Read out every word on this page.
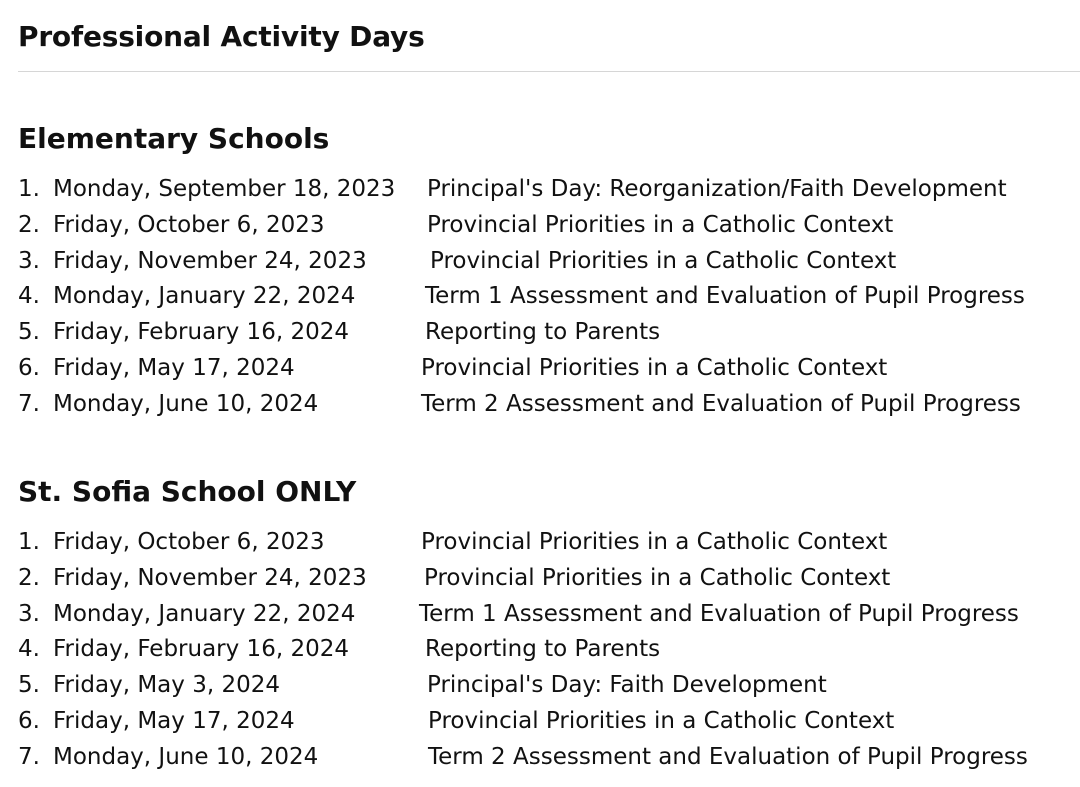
Professional Activity Days
Elementary Schools
1. Monday, September 18, 2023 Principal's Day: Reorganization/Faith Development
2. Friday, October 6, 2023	Provincial Priorities in a Catholic Context
3. Friday, November 24, 2023	Provincial Priorities in a Catholic Context
4. Monday, January 22, 2024	Term 1 Assessment and Evaluation of Pupil Progress
5. Friday, February 16, 2024	Reporting to Parents
6. Friday, May 17, 2024	Provincial Priorities in a Catholic Context
7. Monday, June 10, 2024	Term 2 Assessment and Evaluation of Pupil Progress
St. Sofia School ONLY
1. Friday, October 6, 2023	Provincial Priorities in a Catholic Context
2. Friday, November 24, 2023 Provincial Priorities in a Catholic Context
3. Monday, January 22, 2024	Term 1 Assessment and Evaluation of Pupil Progress
4. Friday, February 16, 2024	Reporting to Parents
5. Friday, May 3, 2024	Principal's Day: Faith Development
6. Friday, May 17, 2024	Provincial Priorities in a Catholic Context
7. Monday, June 10, 2024	Term 2 Assessment and Evaluation of Pupil Progress
